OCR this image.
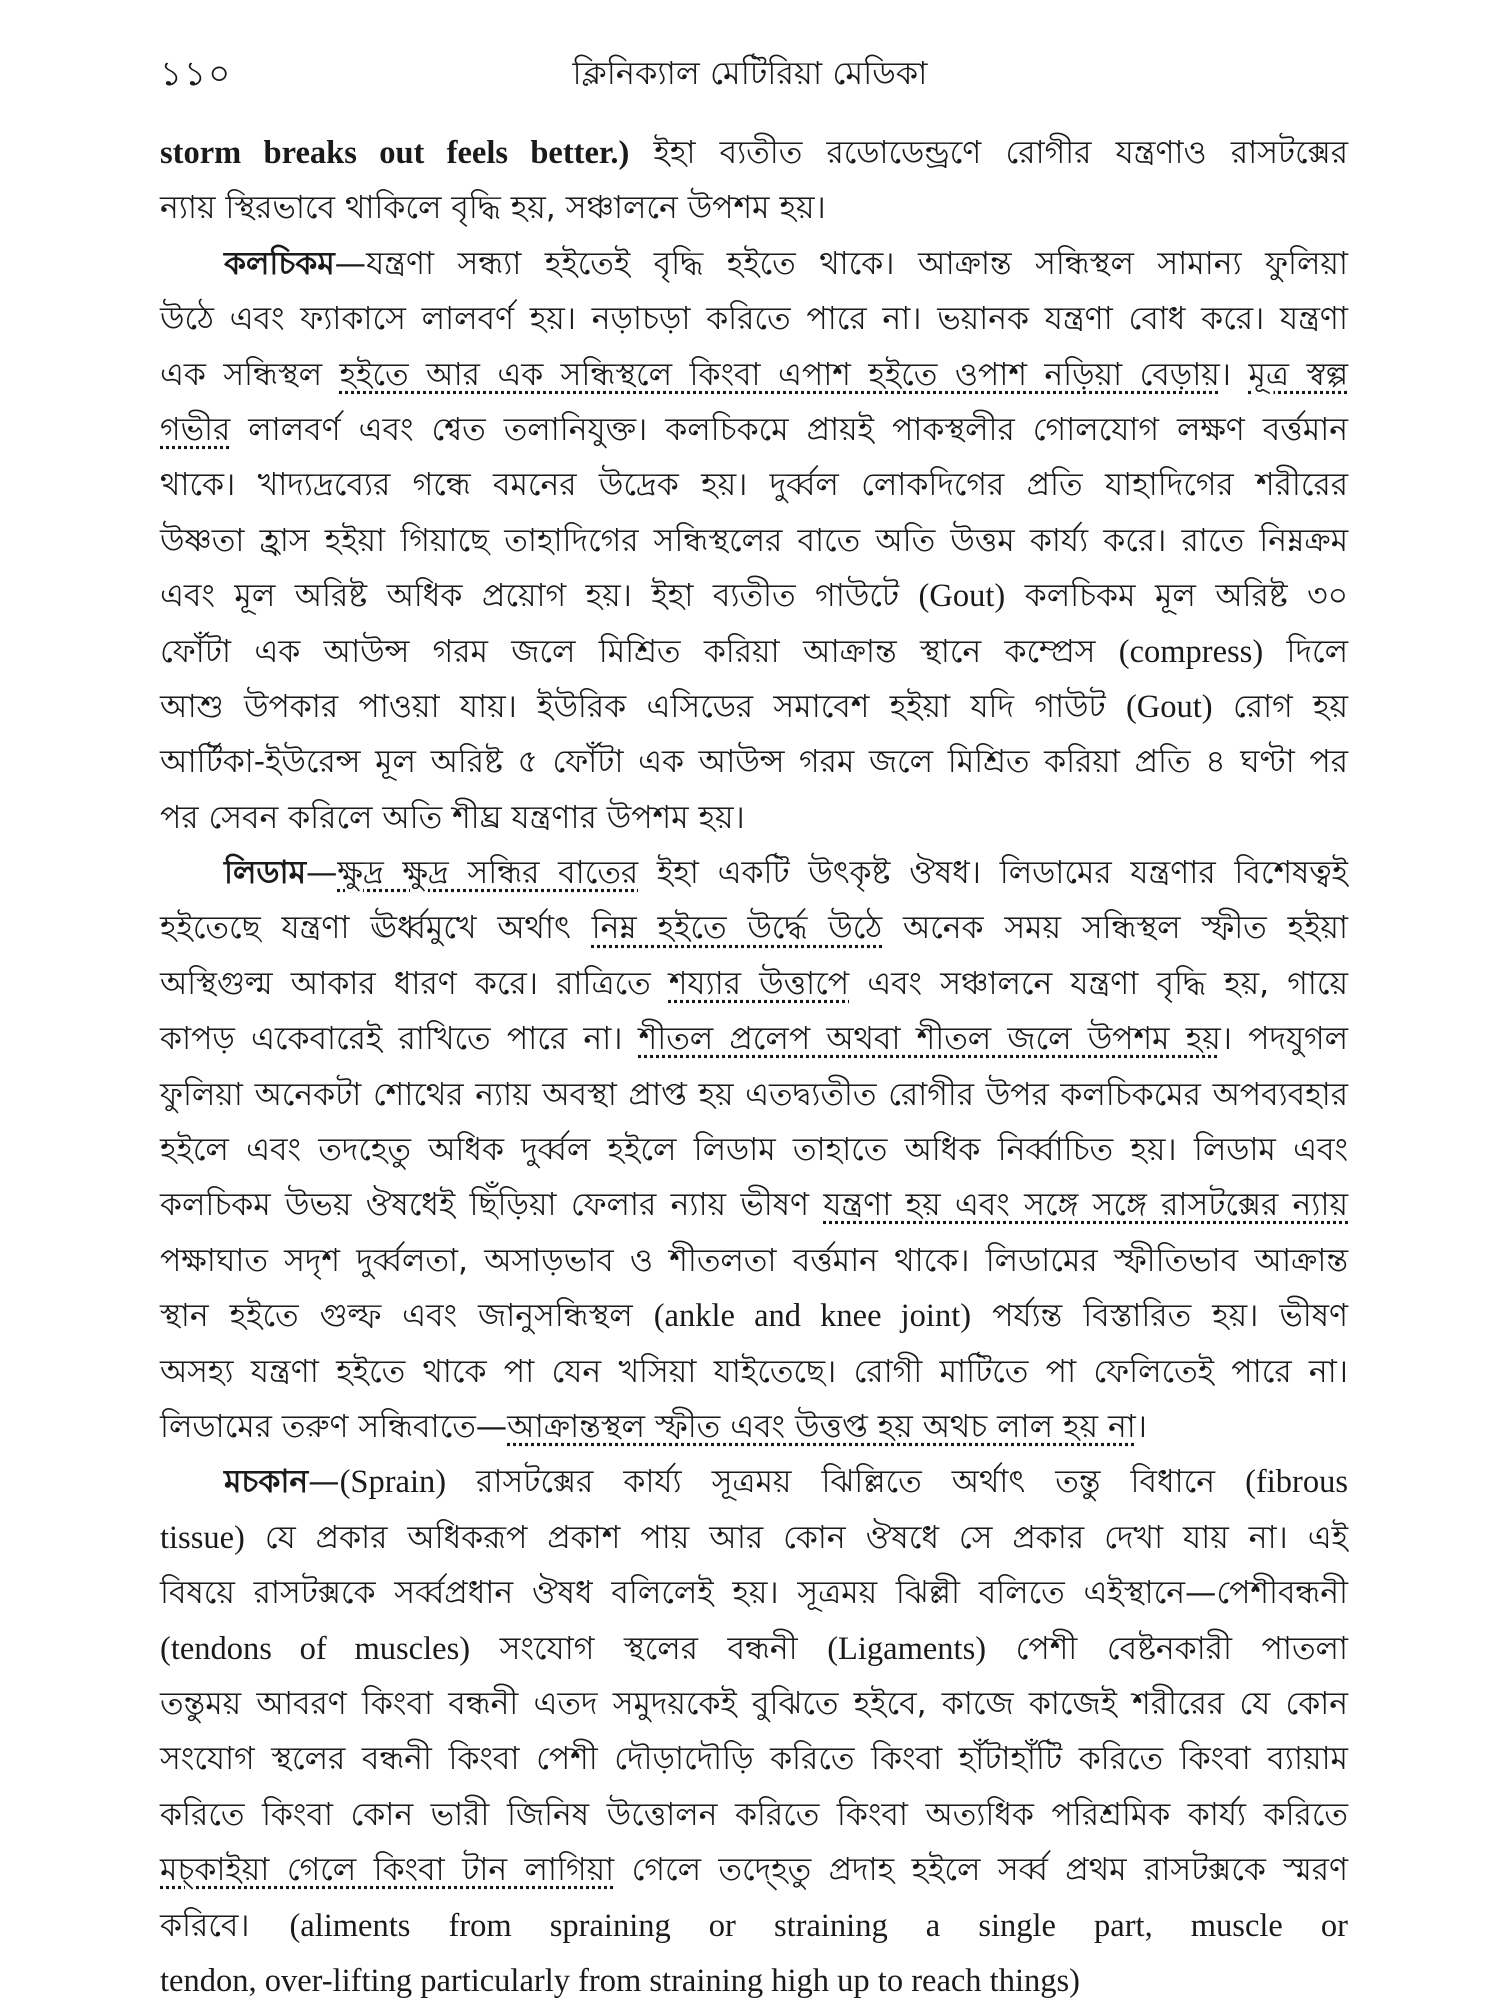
১১০	ক্লিনিক্যাল মেটিরিয়া মেডিকা
storm breaks out feels better.) ইহা ব্যতীত রডোডেন্ড্রণে রোগীর যন্ত্রণাও রাসটক্সের
ন্যায় স্থিরভাবে থাকিলে বৃদ্ধি হয়, সঞ্চালনে উপশম হয়।
কলচিকম—যন্ত্রণা সন্ধ্যা হইতেই বৃদ্ধি হইতে থাকে। আক্রান্ত সন্ধিস্থল সামান্য ফুলিয়া
উঠে এবং ফ্যাকাসে লালবর্ণ হয়। নড়াচড়া করিতে পারে না। ভয়ানক যন্ত্রণা বোধ করে। যন্ত্রণা
এক সন্ধিস্থল হইতে আর এক সন্ধিস্থলে কিংবা এপাশ হইতে ওপাশ নড়িয়া বেড়ায়। মূত্র স্বল্প
গভীর লালবর্ণ এবং শ্বেত তলানিযুক্ত। কলচিকমে প্রায়ই পাকস্থলীর গোলযোগ লক্ষণ বর্ত্তমান
থাকে। খাদ্যদ্রব্যের গন্ধে বমনের উদ্রেক হয়। দুর্ব্বল লোকদিগের প্রতি যাহাদিগের শরীরের
উষ্ণতা হ্রাস হইয়া গিয়াছে তাহাদিগের সন্ধিস্থলের বাতে অতি উত্তম কার্য্য করে। রাতে নিম্নক্রম
এবং মূল অরিষ্ট অধিক প্রয়োগ হয়। ইহা ব্যতীত গাউটে (Gout) কলচিকম মূল অরিষ্ট ৩০
ফোঁটা এক আউন্স গরম জলে মিশ্রিত করিয়া আক্রান্ত স্থানে কম্প্রেস (compress) দিলে
আশু উপকার পাওয়া যায়। ইউরিক এসিডের সমাবেশ হইয়া যদি গাউট (Gout) রোগ হয়
আর্টিকা-ইউরেন্স মূল অরিষ্ট ৫ ফোঁটা এক আউন্স গরম জলে মিশ্রিত করিয়া প্রতি ৪ ঘণ্টা পর
পর সেবন করিলে অতি শীঘ্র যন্ত্রণার উপশম হয়।
লিডাম—ক্ষুদ্র ক্ষুদ্র সন্ধির বাতের ইহা একটি উৎকৃষ্ট ঔষধ। লিডামের যন্ত্রণার বিশেষত্বই
হইতেছে যন্ত্রণা ঊর্ধ্বমুখে অর্থাৎ নিম্ন হইতে উর্দ্ধে উঠে অনেক সময় সন্ধিস্থল স্ফীত হইয়া
অস্থিগুল্ম আকার ধারণ করে। রাত্রিতে শয্যার উত্তাপে এবং সঞ্চালনে যন্ত্রণা বৃদ্ধি হয়, গায়ে
কাপড় একেবারেই রাখিতে পারে না। শীতল প্রলেপ অথবা শীতল জলে উপশম হয়। পদযুগল
ফুলিয়া অনেকটা শোথের ন্যায় অবস্থা প্রাপ্ত হয় এতদ্ব্যতীত রোগীর উপর কলচিকমের অপব্যবহার
হইলে এবং তদহেতু অধিক দুর্ব্বল হইলে লিডাম তাহাতে অধিক নির্ব্বাচিত হয়। লিডাম এবং
কলচিকম উভয় ঔষধেই ছিঁড়িয়া ফেলার ন্যায় ভীষণ যন্ত্রণা হয় এবং সঙ্গে সঙ্গে রাসটক্সের ন্যায়
পক্ষাঘাত সদৃশ দুর্ব্বলতা, অসাড়ভাব ও শীতলতা বর্ত্তমান থাকে। লিডামের স্ফীতিভাব আক্রান্ত
স্থান হইতে গুল্ফ এবং জানুসন্ধিস্থল (ankle and knee joint) পর্য্যন্ত বিস্তারিত হয়। ভীষণ
অসহ্য যন্ত্রণা হইতে থাকে পা যেন খসিয়া যাইতেছে। রোগী মাটিতে পা ফেলিতেই পারে না।
লিডামের তরুণ সন্ধিবাতে—আক্রান্তস্থল স্ফীত এবং উত্তপ্ত হয় অথচ লাল হয় না।
মচকান—(Sprain) রাসটক্সের কার্য্য সূত্রময় ঝিল্লিতে অর্থাৎ তন্তু বিধানে (fibrous
tissue) যে প্রকার অধিকরূপ প্রকাশ পায় আর কোন ঔষধে সে প্রকার দেখা যায় না। এই
বিষয়ে রাসটক্সকে সর্ব্বপ্রধান ঔষধ বলিলেই হয়। সূত্রময় ঝিল্লী বলিতে এইস্থানে—পেশীবন্ধনী
(tendons of muscles) সংযোগ স্থলের বন্ধনী (Ligaments) পেশী বেষ্টনকারী পাতলা
তন্তুময় আবরণ কিংবা বন্ধনী এতদ সমুদয়কেই বুঝিতে হইবে, কাজে কাজেই শরীরের যে কোন
সংযোগ স্থলের বন্ধনী কিংবা পেশী দৌড়াদৌড়ি করিতে কিংবা হাঁটাহাঁটি করিতে কিংবা ব্যায়াম
করিতে কিংবা কোন ভারী জিনিষ উত্তোলন করিতে কিংবা অত্যধিক পরিশ্রমিক কার্য্য করিতে
মচ্কাইয়া গেলে কিংবা টান লাগিয়া গেলে তদ্হেতু প্রদাহ হইলে সর্ব্ব প্রথম রাসটক্সকে স্মরণ
করিবে। (aliments from spraining or straining a single part, muscle or
tendon, over-lifting particularly from straining high up to reach things)
